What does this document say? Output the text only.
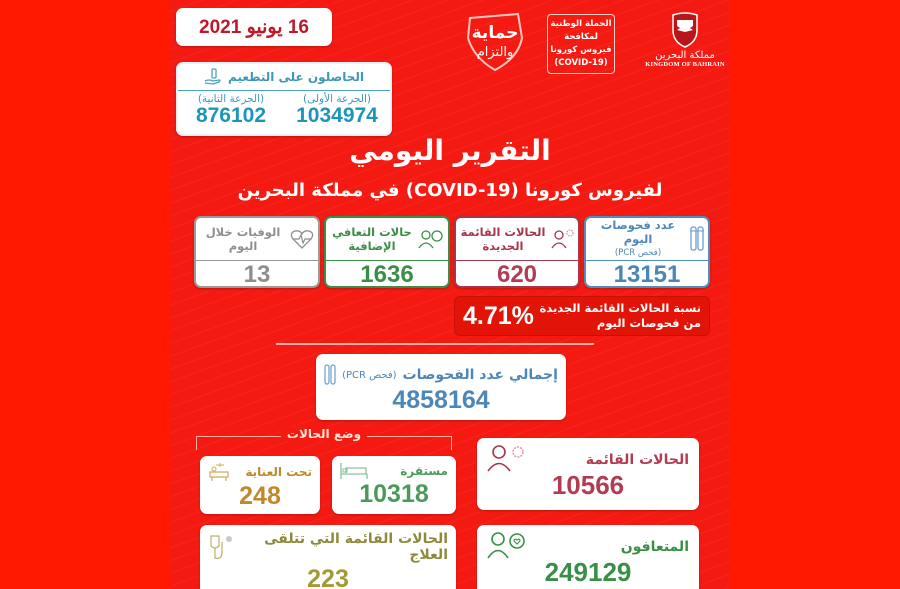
16 يونيو 2021
الحاصلون على التطعيم
(الجرعة الأولى)
1034974
(الجرعة الثانية)
876102
حماية
والتزام
الحملة الوطنية
لمكافحة
فيروس كورونا
(COVID-19)
مملكة البحرين
KINGDOM OF BAHRAIN
التقرير اليومي
لفيروس كورونا (COVID-19) في مملكة البحرين
عدد فحوصات اليوم
(فحص PCR)
13151
الحالات القائمة الجديدة
620
حالات التعافي الإضافية
1636
الوفيات خلال اليوم
13
نسبة الحالات القائمة الجديدة
من فحوصات اليوم
4.71%
إجمالي عدد الفحوصات
(فحص PCR)
4858164
وضع الحالات
مستقرة
10318
تحت العناية
248
الحالات القائمة التي تتلقى العلاج
223
الحالات القائمة
10566
المتعافون
249129
